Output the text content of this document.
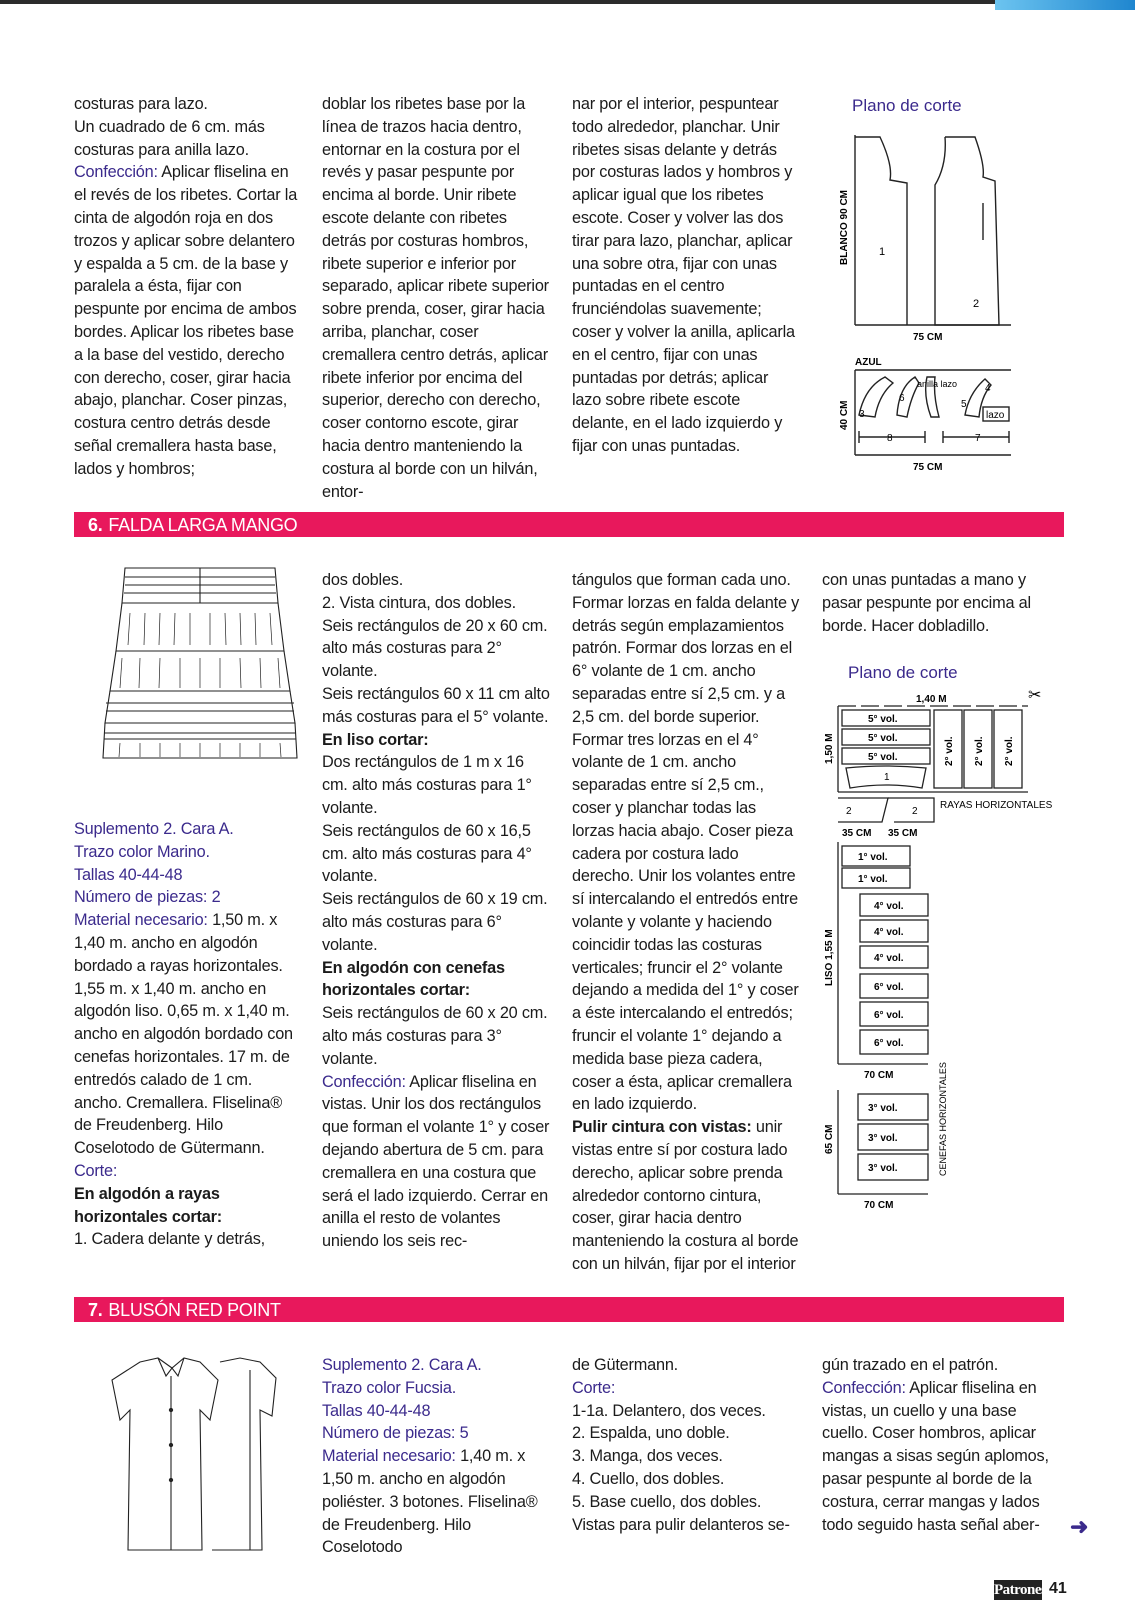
costuras para lazo.

Un cuadrado de 6 cm. más costuras para anilla lazo.

Confección: Aplicar fliselina en el revés de los ribetes. Cortar la cinta de algodón roja en dos trozos y aplicar sobre delantero y espalda a 5 cm. de la base y paralela a ésta, fijar con pespunte por encima de ambos bordes. Aplicar los ribetes base a la base del vestido, derecho con derecho, coser, girar hacia abajo, planchar. Coser pinzas, costura centro detrás desde señal cremallera hasta base, lados y hombros;

doblar los ribetes base por la línea de trazos hacia dentro, entornar en la costura por el revés y pasar pespunte por encima al borde. Unir ribete escote delante con ribetes detrás por costuras hombros, ribete superior e inferior por separado, aplicar ribete superior sobre prenda, coser, girar hacia arriba, planchar, coser cremallera centro detrás, aplicar ribete inferior por encima del superior, derecho con derecho, coser contorno escote, girar hacia dentro manteniendo la costura al borde con un hilván, entor-

nar por el interior, pespuntear todo alrededor, planchar. Unir ribetes sisas delante y detrás por costuras lados y hombros y aplicar igual que los ribetes escote. Coser y volver las dos tirar para lazo, planchar, aplicar una sobre otra, fijar con unas puntadas en el centro frunciéndolas suavemente; coser y volver la anilla, aplicarla en el centro, fijar con unas puntadas por detrás; aplicar lazo sobre ribete escote delante, en el lado izquierdo y fijar con unas puntadas.

Plano de corte
BLANCO 90 CM	1
2
75 CM
AZUL
40 CM 3
6
anilla lazo
5
4
lazo
8	7
75 CM
6. FALDA LARGA MANGO

Suplemento 2. Cara A.

Trazo color Marino.

Tallas 40-44-48

Número de piezas: 2

Material necesario: 1,50 m. x 1,40 m. ancho en algodón bordado a rayas horizontales. 1,55 m. x 1,40 m. ancho en algodón liso. 0,65 m. x 1,40 m. ancho en algodón bordado con cenefas horizontales. 17 m. de entredós calado de 1 cm. ancho. Cremallera. Fliselina® de Freudenberg. Hilo Coselotodo de Gütermann.

Corte:

En algodón a rayas horizontales cortar:

1. Cadera delante y detrás,

dos dobles.

2. Vista cintura, dos dobles.

Seis rectángulos de 20 x 60 cm. alto más costuras para 2° volante.

Seis rectángulos 60 x 11 cm alto más costuras para el 5° volante.

En liso cortar:

Dos rectángulos de 1 m x 16 cm. alto más costuras para 1° volante.

Seis rectángulos de 60 x 16,5 cm. alto más costuras para 4° volante.

Seis rectángulos de 60 x 19 cm. alto más costuras para 6° volante.

En algodón con cenefas horizontales cortar:

Seis rectángulos de 60 x 20 cm. alto más costuras para 3° volante.

Confección: Aplicar fliselina en vistas. Unir los dos rectángulos que forman el volante 1° y coser dejando abertura de 5 cm. para cremallera en una costura que será el lado izquierdo. Cerrar en anilla el resto de volantes uniendo los seis rec-

tángulos que forman cada uno. Formar lorzas en falda delante y detrás según emplazamientos patrón. Formar dos lorzas en el 6° volante de 1 cm. ancho separadas entre sí 2,5 cm. y a 2,5 cm. del borde superior. Formar tres lorzas en el 4° volante de 1 cm. ancho separadas entre sí 2,5 cm., coser y planchar todas las lorzas hacia abajo. Coser pieza cadera por costura lado derecho. Unir los volantes entre sí intercalando el entredós entre volante y volante y haciendo coincidir todas las costuras verticales; fruncir el 2° volante dejando a medida del 1° y coser a éste intercalando el entredós; fruncir el volante 1° dejando a medida base pieza cadera, coser a ésta, aplicar cremallera en lado izquierdo.

Pulir cintura con vistas: unir vistas entre sí por costura lado derecho, aplicar sobre prenda alrededor contorno cintura, coser, girar hacia dentro manteniendo la costura al borde con un hilván, fijar por el interior

con unas puntadas a mano y pasar pespunte por encima al borde. Hacer dobladillo.

Plano de corte
1,40 M	✂
1,50 M
5° vol.
5° vol.
5° vol.	2° vol. 2° vol. 2° vol.
1
2	2
RAYAS HORIZONTALES
35 CM 35 CM
LISO 1,55 M
1° vol.
1° vol.
4° vol.
4° vol.
4° vol.
6° vol.
6° vol.
6° vol.
70 CM
65 CM
3° vol.
3° vol.
3° vol.	CENEFAS HORIZONTALES
70 CM
7. BLUSÓN RED POINT

Suplemento 2. Cara A.

Trazo color Fucsia.

Tallas 40-44-48

Número de piezas: 5

Material necesario: 1,40 m. x 1,50 m. ancho en algodón poliéster. 3 botones. Fliselina® de Freudenberg. Hilo Coselotodo

de Gütermann.

Corte:

1-1a. Delantero, dos veces.

2. Espalda, uno doble.

3. Manga, dos veces.

4. Cuello, dos dobles.

5. Base cuello, dos dobles.

Vistas para pulir delanteros se-

gún trazado en el patrón.

Confección: Aplicar fliselina en vistas, un cuello y una base cuello. Coser hombros, aplicar mangas a sisas según aplomos, pasar pespunte al borde de la costura, cerrar mangas y lados todo seguido hasta señal aber-	➜
Patrones 41
